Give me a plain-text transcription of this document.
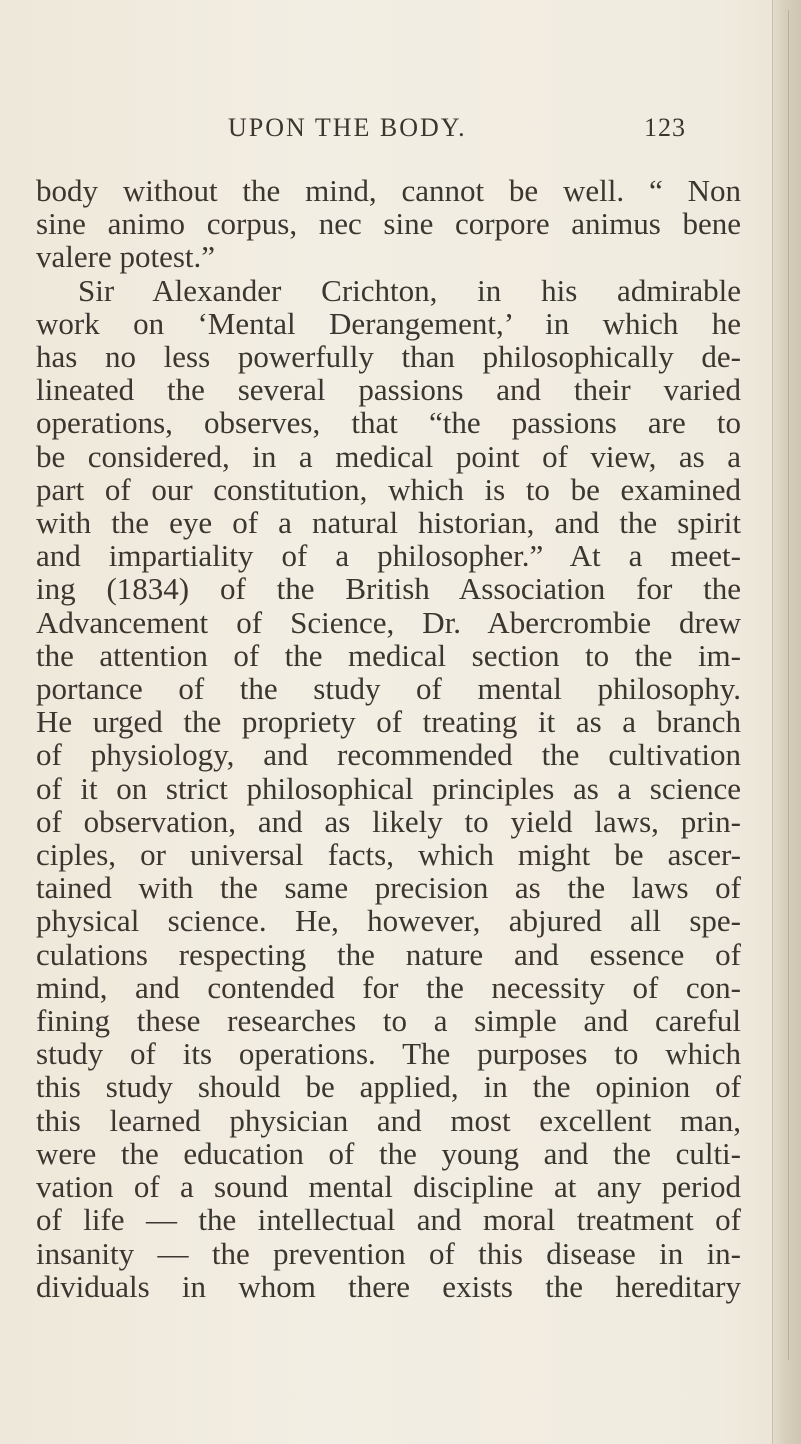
UPON THE BODY.	123
body without the mind, cannot be well. “ Non
sine animo corpus, nec sine corpore animus bene
valere potest.”
Sir Alexander Crichton, in his admirable
work on ‘Mental Derangement,’ in which he
has no less powerfully than philosophically de-
lineated the several passions and their varied
operations, observes, that “the passions are to
be considered, in a medical point of view, as a
part of our constitution, which is to be examined
with the eye of a natural historian, and the spirit
and impartiality of a philosopher.” At a meet-
ing (1834) of the British Association for the
Advancement of Science, Dr. Abercrombie drew
the attention of the medical section to the im-
portance of the study of mental philosophy.
He urged the propriety of treating it as a branch
of physiology, and recommended the cultivation
of it on strict philosophical principles as a science
of observation, and as likely to yield laws, prin-
ciples, or universal facts, which might be ascer-
tained with the same precision as the laws of
physical science. He, however, abjured all spe-
culations respecting the nature and essence of
mind, and contended for the necessity of con-
fining these researches to a simple and careful
study of its operations. The purposes to which
this study should be applied, in the opinion of
this learned physician and most excellent man,
were the education of the young and the culti-
vation of a sound mental discipline at any period
of life — the intellectual and moral treatment of
insanity — the prevention of this disease in in-
dividuals in whom there exists the hereditary
